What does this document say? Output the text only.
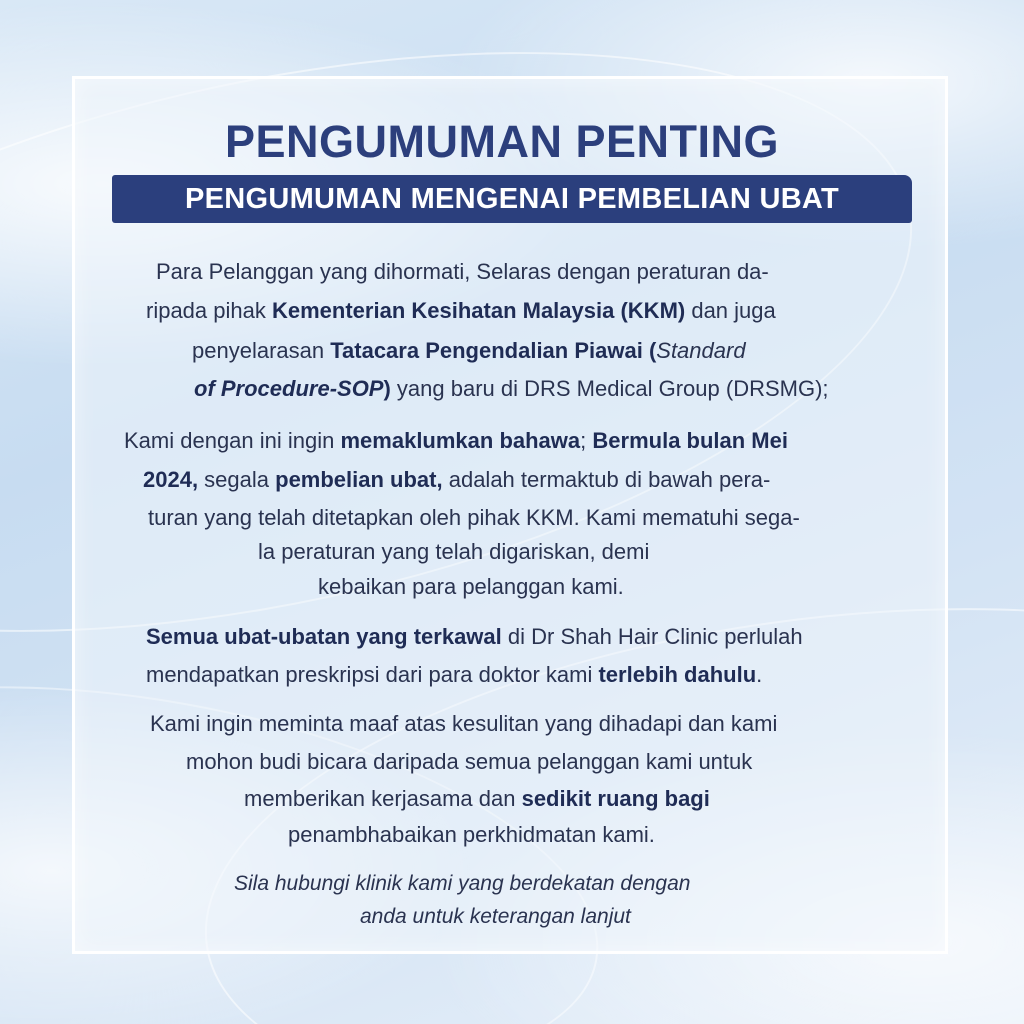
PENGUMUMAN PENTING
PENGUMUMAN MENGENAI PEMBELIAN UBAT
Para Pelanggan yang dihormati, Selaras dengan peraturan da-
ripada pihak Kementerian Kesihatan Malaysia (KKM) dan juga
penyelarasan Tatacara Pengendalian Piawai (Standard
of Procedure-SOP) yang baru di DRS Medical Group (DRSMG);
Kami dengan ini ingin memaklumkan bahawa; Bermula bulan Mei
2024, segala pembelian ubat, adalah termaktub di bawah pera-
turan yang telah ditetapkan oleh pihak KKM. Kami mematuhi sega-
la peraturan yang telah digariskan, demi
kebaikan para pelanggan kami.
Semua ubat-ubatan yang terkawal di Dr Shah Hair Clinic perlulah
mendapatkan preskripsi dari para doktor kami terlebih dahulu.
Kami ingin meminta maaf atas kesulitan yang dihadapi dan kami
mohon budi bicara daripada semua pelanggan kami untuk
memberikan kerjasama dan sedikit ruang bagi
penambhabaikan perkhidmatan kami.
Sila hubungi klinik kami yang berdekatan dengan
anda untuk keterangan lanjut
